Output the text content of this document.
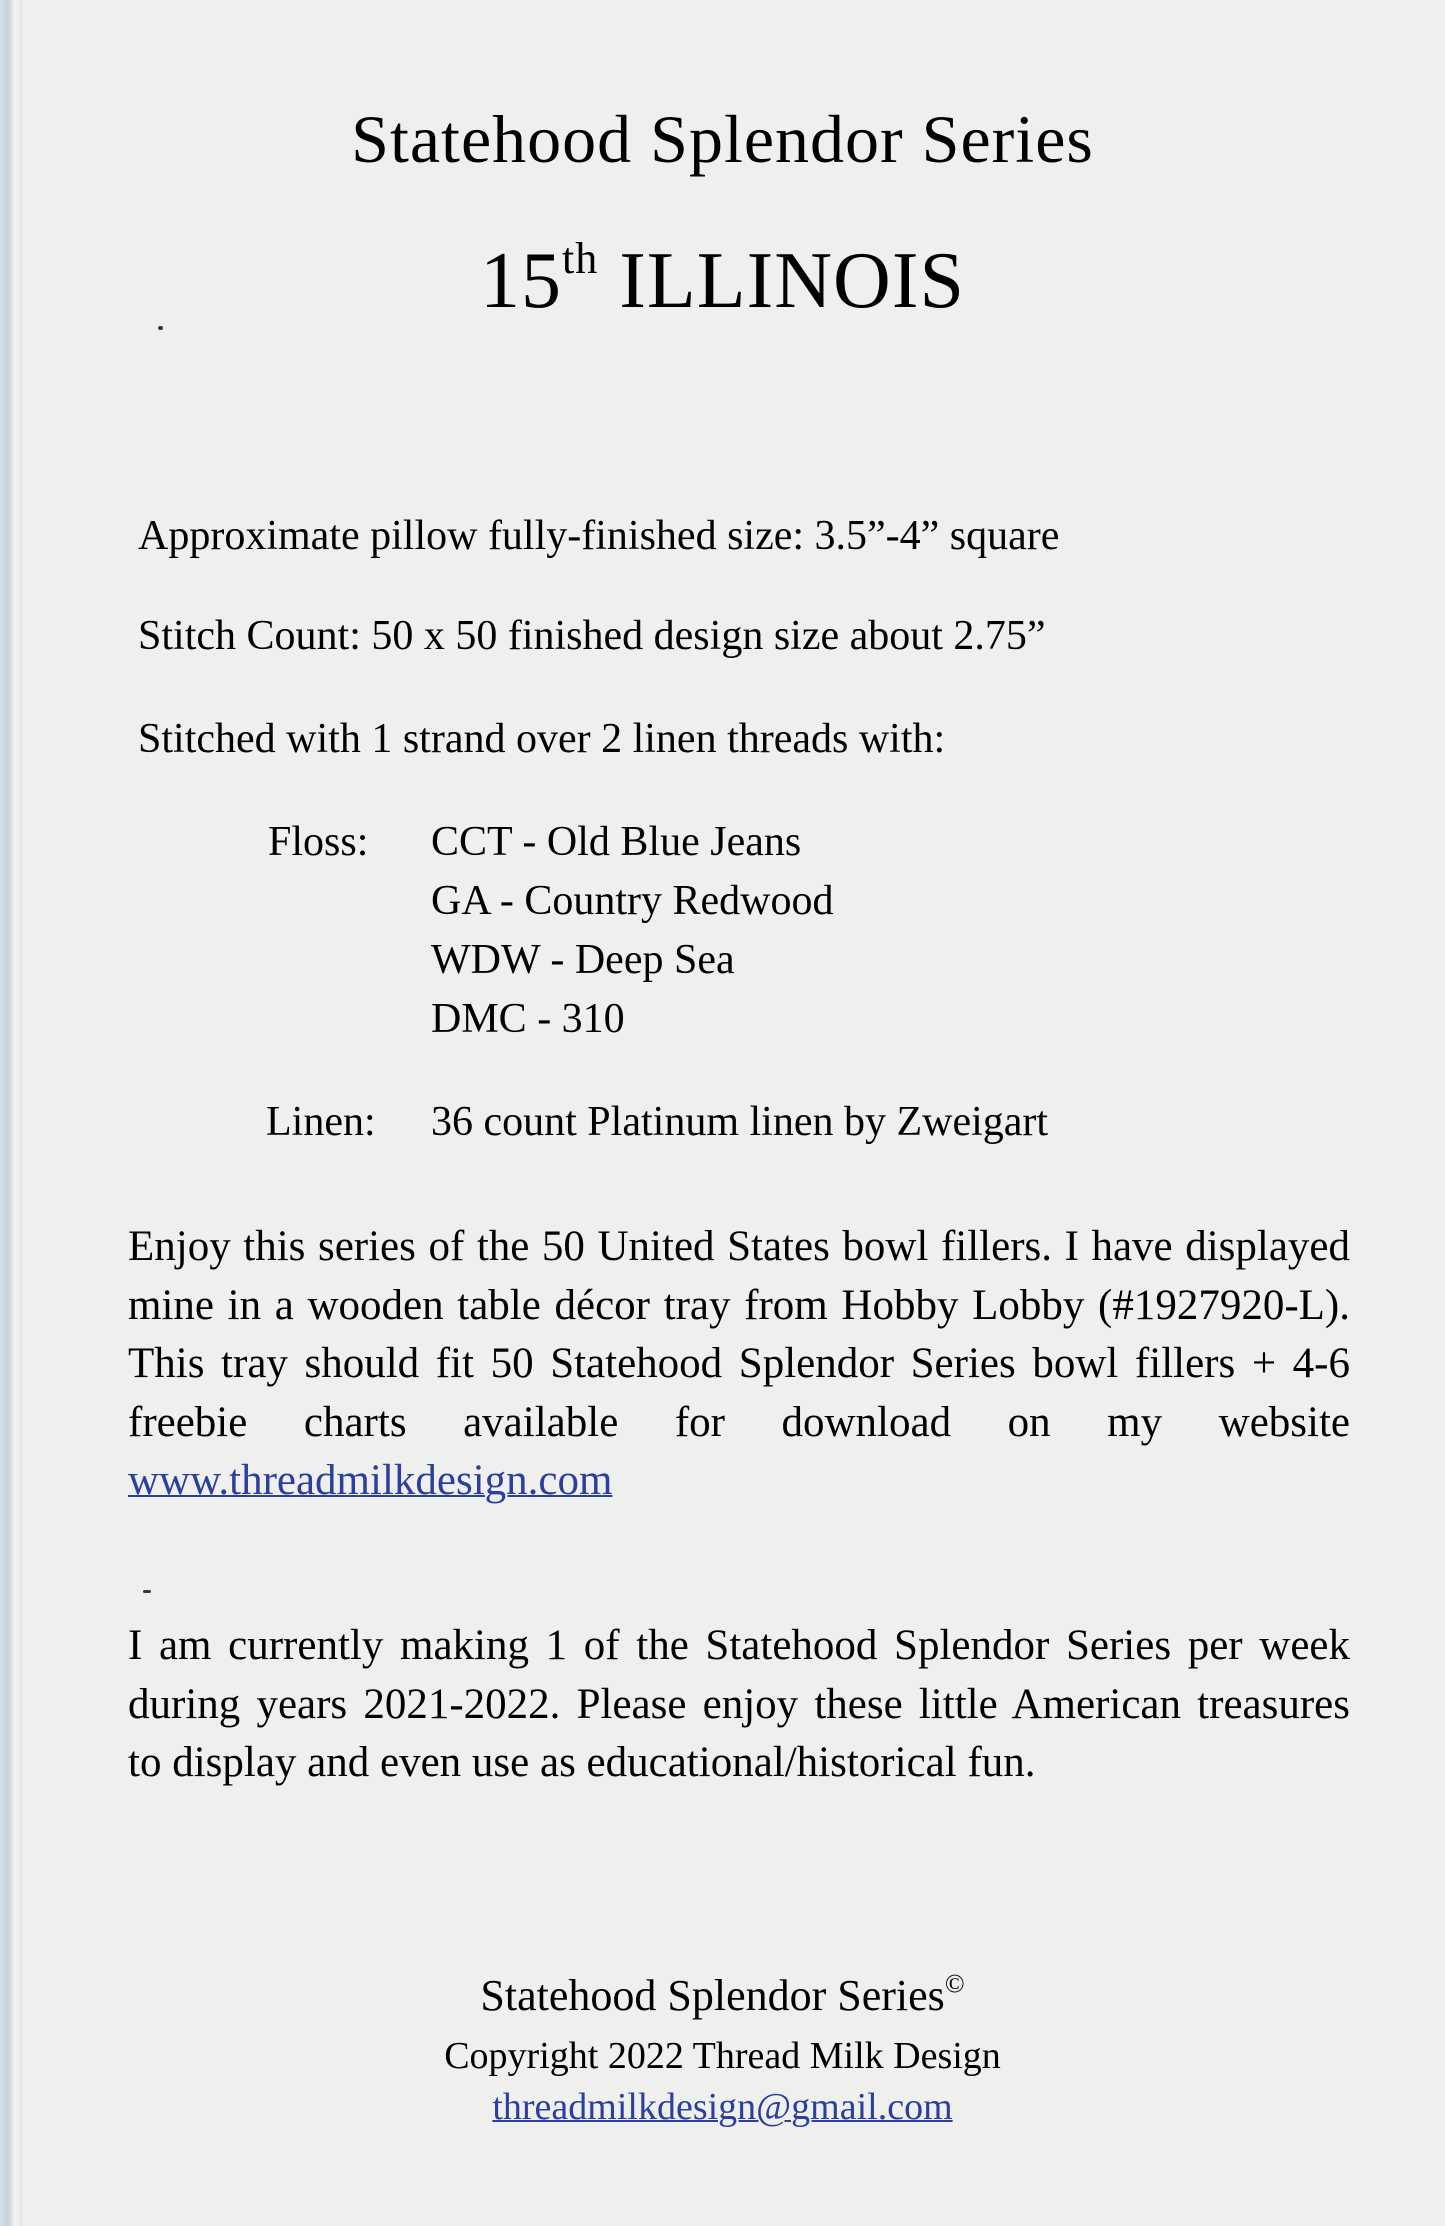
Statehood Splendor Series
15th ILLINOIS
Approximate pillow fully-finished size: 3.5”-4” square
Stitch Count: 50 x 50 finished design size about 2.75”
Stitched with 1 strand over 2 linen threads with:
Floss: CCT - Old Blue Jeans
GA - Country Redwood
WDW - Deep Sea
DMC - 310
Linen: 36 count Platinum linen by Zweigart
Enjoy this series of the 50 United States bowl fillers. I have displayed mine in a wooden table décor tray from Hobby Lobby (#1927920-L). This tray should fit 50 Statehood Splendor Series bowl fillers + 4-6 freebie charts available for download on my website www.threadmilkdesign.com
I am currently making 1 of the Statehood Splendor Series per week during years 2021-2022. Please enjoy these little American treasures to display and even use as educational/historical fun.
Statehood Splendor Series©
Copyright 2022 Thread Milk Design
threadmilkdesign@gmail.com
